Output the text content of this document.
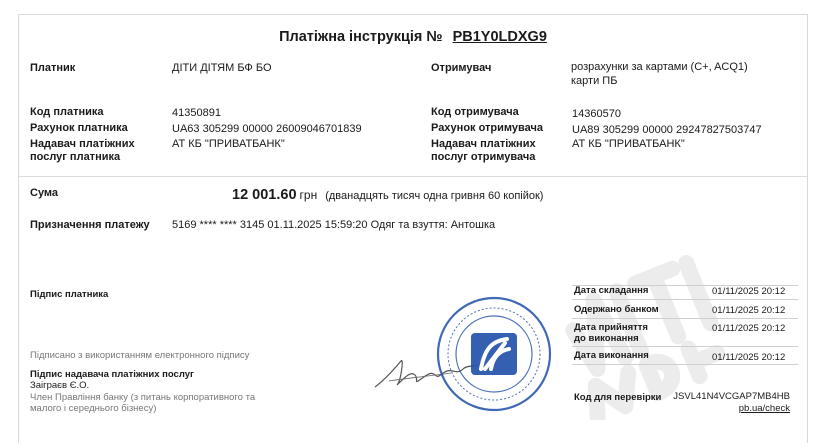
Платіжна інструкція № PB1Y0LDXG9
Платник	ДІТИ ДІТЯМ БФ БО	Отримувач	розрахунки за картами (C+, ACQ1)
карти ПБ
Код платника	41350891
Рахунок платника	UA63 305299 00000 26009046701839
Надавач платіжних
послуг платника
АТ КБ "ПРИВАТБАНК"
Код отримувача	14360570
Рахунок отримувача	UA89 305299 00000 29247827503747
Надавач платіжних
послуг отримувача
АТ КБ "ПРИВАТБАНК"
Сума	12 001.60 грн (дванадцять тисяч одна гривня 60 копійок)
Призначення платежу 5169 **** **** 3145 01.11.2025 15:59:20 Одяг та взуття: Антошка
Підпис платника
Підписано з використанням електронного підпису
Підпис надавача платіжних послуг
Заіграєв Є.О.
Член Правління банку (з питань корпоративного та
малого і середнього бізнесу)
Дата складання	01/11/2025 20:12
Одержано банком	01/11/2025 20:12
Дата прийняття
до виконання
01/11/2025 20:12
Дата виконання	01/11/2025 20:12
Код для перевірки JSVL41N4VCGAP7MB4HB
pb.ua/check
